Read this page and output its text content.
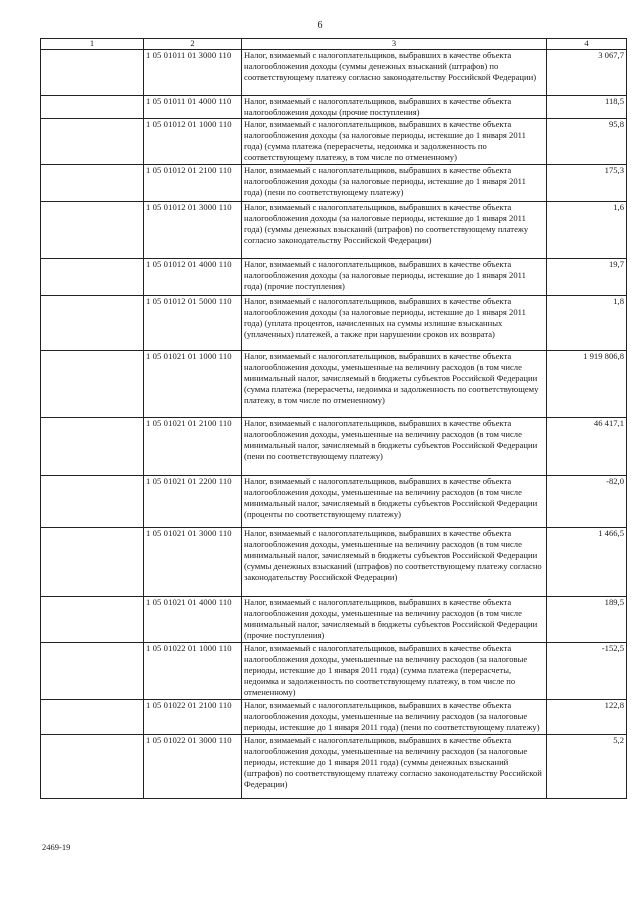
6
1	2	3	4
	1 05 01011 01 3000 110	Налог, взимаемый с налогоплательщиков, выбравших в качестве объекта налогообложения доходы (суммы денежных взысканий (штрафов) по соответствующему платежу согласно законодательству Российской Федерации)	3 067,7
	1 05 01011 01 4000 110	Налог, взимаемый с налогоплательщиков, выбравших в качестве объекта налогообложения доходы (прочие поступления)	118,5
	1 05 01012 01 1000 110	Налог, взимаемый с налогоплательщиков, выбравших в качестве объекта налогообложения доходы (за налоговые периоды, истекшие до 1 января 2011 года) (сумма платежа (перерасчеты, недоимка и задолженность по соответствующему платежу, в том числе по отмененному)	95,8
	1 05 01012 01 2100 110	Налог, взимаемый с налогоплательщиков, выбравших в качестве объекта налогообложения доходы (за налоговые периоды, истекшие до 1 января 2011 года) (пени по соответствующему платежу)	175,3
	1 05 01012 01 3000 110	Налог, взимаемый с налогоплательщиков, выбравших в качестве объекта налогообложения доходы (за налоговые периоды, истекшие до 1 января 2011 года) (суммы денежных взысканий (штрафов) по соответствующему платежу согласно законодательству Российской Федерации)	1,6
	1 05 01012 01 4000 110	Налог, взимаемый с налогоплательщиков, выбравших в качестве объекта налогообложения доходы (за налоговые периоды, истекшие до 1 января 2011 года) (прочие поступления)	19,7
	1 05 01012 01 5000 110	Налог, взимаемый с налогоплательщиков, выбравших в качестве объекта налогообложения доходы (за налоговые периоды, истекшие до 1 января 2011 года) (уплата процентов, начисленных на суммы излишне взысканных (уплаченных) платежей, а также при нарушении сроков их возврата)	1,8
	1 05 01021 01 1000 110	Налог, взимаемый с налогоплательщиков, выбравших в качестве объекта налогообложения доходы, уменьшенные на величину расходов (в том числе минимальный налог, зачисляемый в бюджеты субъектов Российской Федерации (сумма платежа (перерасчеты, недоимка и задолженность по соответствующему платежу, в том числе по отмененному)	1 919 806,8
	1 05 01021 01 2100 110	Налог, взимаемый с налогоплательщиков, выбравших в качестве объекта налогообложения доходы, уменьшенные на величину расходов (в том числе минимальный налог, зачисляемый в бюджеты субъектов Российской Федерации (пени по соответствующему платежу)	46 417,1
	1 05 01021 01 2200 110	Налог, взимаемый с налогоплательщиков, выбравших в качестве объекта налогообложения доходы, уменьшенные на величину расходов (в том числе минимальный налог, зачисляемый в бюджеты субъектов Российской Федерации (проценты по соответствующему платежу)	-82,0
	1 05 01021 01 3000 110	Налог, взимаемый с налогоплательщиков, выбравших в качестве объекта налогообложения доходы, уменьшенные на величину расходов (в том числе минимальный налог, зачисляемый в бюджеты субъектов Российской Федерации (суммы денежных взысканий (штрафов) по соответствующему платежу согласно законодательству Российской Федерации)	1 466,5
	1 05 01021 01 4000 110	Налог, взимаемый с налогоплательщиков, выбравших в качестве объекта налогообложения доходы, уменьшенные на величину расходов (в том числе минимальный налог, зачисляемый в бюджеты субъектов Российской Федерации (прочие поступления)	189,5
	1 05 01022 01 1000 110	Налог, взимаемый с налогоплательщиков, выбравших в качестве объекта налогообложения доходы, уменьшенные на величину расходов (за налоговые периоды, истекшие до 1 января 2011 года) (сумма платежа (перерасчеты, недоимка и задолженность по соответствующему платежу, в том числе по отмененному)	-152,5
	1 05 01022 01 2100 110	Налог, взимаемый с налогоплательщиков, выбравших в качестве объекта налогообложения доходы, уменьшенные на величину расходов (за налоговые периоды, истекшие до 1 января 2011 года) (пени по соответствующему платежу)	122,8
	1 05 01022 01 3000 110	Налог, взимаемый с налогоплательщиков, выбравших в качестве объекта налогообложения доходы, уменьшенные на величину расходов (за налоговые периоды, истекшие до 1 января 2011 года) (суммы денежных взысканий (штрафов) по соответствующему платежу согласно законодательству Российской Федерации)	5,2
2469-19
